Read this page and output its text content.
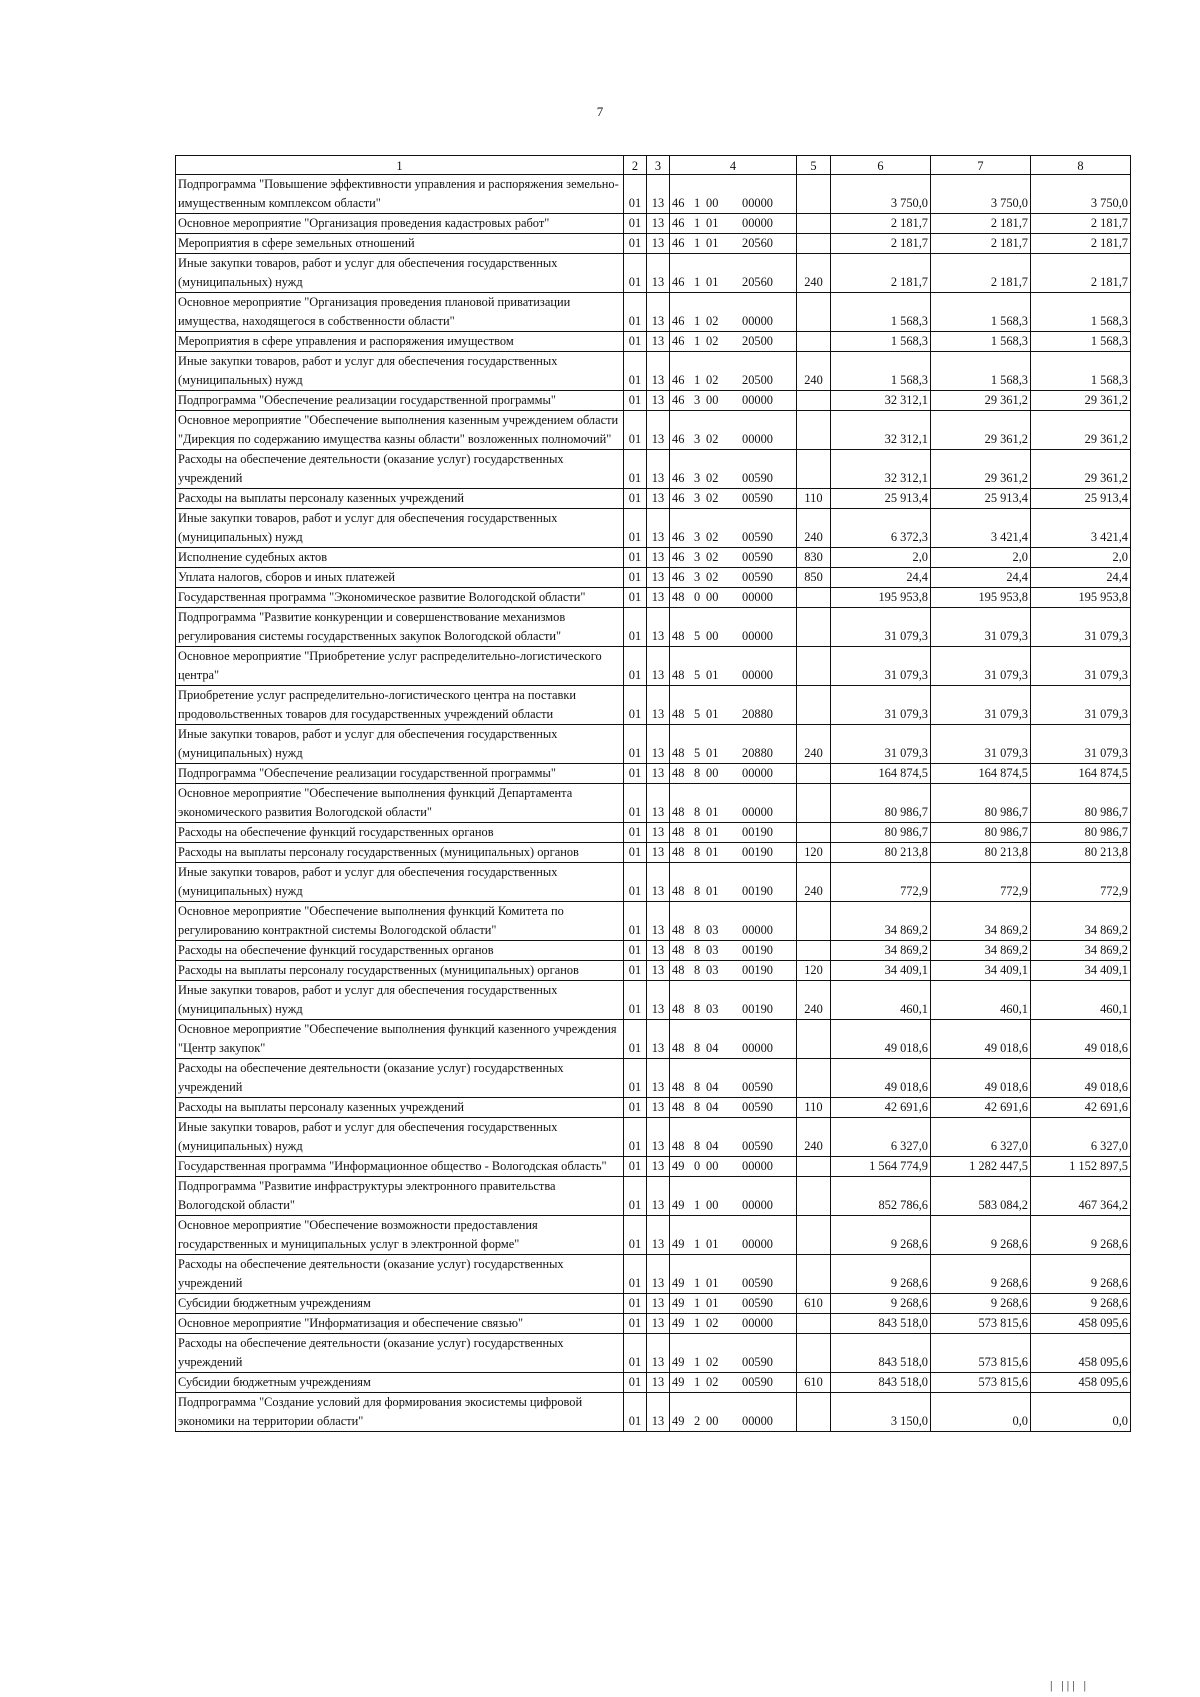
7
1	2	3	4	5	6	7	8
Подпрограмма "Повышение эффективности управления и распоряжения земельно-имущественным комплексом области"	01	13	46 1 00 00000		3 750,0	3 750,0	3 750,0
Основное мероприятие "Организация проведения кадастровых работ"	01	13	46 1 01 00000		2 181,7	2 181,7	2 181,7
Мероприятия в сфере земельных отношений	01	13	46 1 01 20560		2 181,7	2 181,7	2 181,7
Иные закупки товаров, работ и услуг для обеспечения государственных (муниципальных) нужд	01	13	46 1 01 20560	240	2 181,7	2 181,7	2 181,7
Основное мероприятие "Организация проведения плановой приватизации имущества, находящегося в собственности области"	01	13	46 1 02 00000		1 568,3	1 568,3	1 568,3
Мероприятия в сфере управления и распоряжения имуществом	01	13	46 1 02 20500		1 568,3	1 568,3	1 568,3
Иные закупки товаров, работ и услуг для обеспечения государственных (муниципальных) нужд	01	13	46 1 02 20500	240	1 568,3	1 568,3	1 568,3
Подпрограмма "Обеспечение реализации государственной программы"	01	13	46 3 00 00000		32 312,1	29 361,2	29 361,2
Основное мероприятие "Обеспечение выполнения казенным учреждением области "Дирекция по содержанию имущества казны области" возложенных полномочий"	01	13	46 3 02 00000		32 312,1	29 361,2	29 361,2
Расходы на обеспечение деятельности (оказание услуг) государственных учреждений	01	13	46 3 02 00590		32 312,1	29 361,2	29 361,2
Расходы на выплаты персоналу казенных учреждений	01	13	46 3 02 00590	110	25 913,4	25 913,4	25 913,4
Иные закупки товаров, работ и услуг для обеспечения государственных (муниципальных) нужд	01	13	46 3 02 00590	240	6 372,3	3 421,4	3 421,4
Исполнение судебных актов	01	13	46 3 02 00590	830	2,0	2,0	2,0
Уплата налогов, сборов и иных платежей	01	13	46 3 02 00590	850	24,4	24,4	24,4
Государственная программа "Экономическое развитие Вологодской области"	01	13	48 0 00 00000		195 953,8	195 953,8	195 953,8
Подпрограмма "Развитие конкуренции и совершенствование механизмов регулирования системы государственных закупок Вологодской области"	01	13	48 5 00 00000		31 079,3	31 079,3	31 079,3
Основное мероприятие "Приобретение услуг распределительно-логистического центра"	01	13	48 5 01 00000		31 079,3	31 079,3	31 079,3
Приобретение услуг распределительно-логистического центра на поставки продовольственных товаров для государственных учреждений области	01	13	48 5 01 20880		31 079,3	31 079,3	31 079,3
Иные закупки товаров, работ и услуг для обеспечения государственных (муниципальных) нужд	01	13	48 5 01 20880	240	31 079,3	31 079,3	31 079,3
Подпрограмма "Обеспечение реализации государственной программы"	01	13	48 8 00 00000		164 874,5	164 874,5	164 874,5
Основное мероприятие "Обеспечение выполнения функций Департамента экономического развития Вологодской области"	01	13	48 8 01 00000		80 986,7	80 986,7	80 986,7
Расходы на обеспечение функций государственных органов	01	13	48 8 01 00190		80 986,7	80 986,7	80 986,7
Расходы на выплаты персоналу государственных (муниципальных) органов	01	13	48 8 01 00190	120	80 213,8	80 213,8	80 213,8
Иные закупки товаров, работ и услуг для обеспечения государственных (муниципальных) нужд	01	13	48 8 01 00190	240	772,9	772,9	772,9
Основное мероприятие "Обеспечение выполнения функций Комитета по регулированию контрактной системы Вологодской области"	01	13	48 8 03 00000		34 869,2	34 869,2	34 869,2
Расходы на обеспечение функций государственных органов	01	13	48 8 03 00190		34 869,2	34 869,2	34 869,2
Расходы на выплаты персоналу государственных (муниципальных) органов	01	13	48 8 03 00190	120	34 409,1	34 409,1	34 409,1
Иные закупки товаров, работ и услуг для обеспечения государственных (муниципальных) нужд	01	13	48 8 03 00190	240	460,1	460,1	460,1
Основное мероприятие "Обеспечение выполнения функций казенного учреждения "Центр закупок"	01	13	48 8 04 00000		49 018,6	49 018,6	49 018,6
Расходы на обеспечение деятельности (оказание услуг) государственных учреждений	01	13	48 8 04 00590		49 018,6	49 018,6	49 018,6
Расходы на выплаты персоналу казенных учреждений	01	13	48 8 04 00590	110	42 691,6	42 691,6	42 691,6
Иные закупки товаров, работ и услуг для обеспечения государственных (муниципальных) нужд	01	13	48 8 04 00590	240	6 327,0	6 327,0	6 327,0
Государственная программа "Информационное общество - Вологодская область"	01	13	49 0 00 00000		1 564 774,9	1 282 447,5	1 152 897,5
Подпрограмма "Развитие инфраструктуры электронного правительства Вологодской области"	01	13	49 1 00 00000		852 786,6	583 084,2	467 364,2
Основное мероприятие "Обеспечение возможности предоставления государственных и муниципальных услуг в электронной форме"	01	13	49 1 01 00000		9 268,6	9 268,6	9 268,6
Расходы на обеспечение деятельности (оказание услуг) государственных учреждений	01	13	49 1 01 00590		9 268,6	9 268,6	9 268,6
Субсидии бюджетным учреждениям	01	13	49 1 01 00590	610	9 268,6	9 268,6	9 268,6
Основное мероприятие "Информатизация и обеспечение связью"	01	13	49 1 02 00000		843 518,0	573 815,6	458 095,6
Расходы на обеспечение деятельности (оказание услуг) государственных учреждений	01	13	49 1 02 00590		843 518,0	573 815,6	458 095,6
Субсидии бюджетным учреждениям	01	13	49 1 02 00590	610	843 518,0	573 815,6	458 095,6
Подпрограмма "Создание условий для формирования экосистемы цифровой экономики на территории области"	01	13	49 2 00 00000		3 150,0	0,0	0,0
| ||| |
